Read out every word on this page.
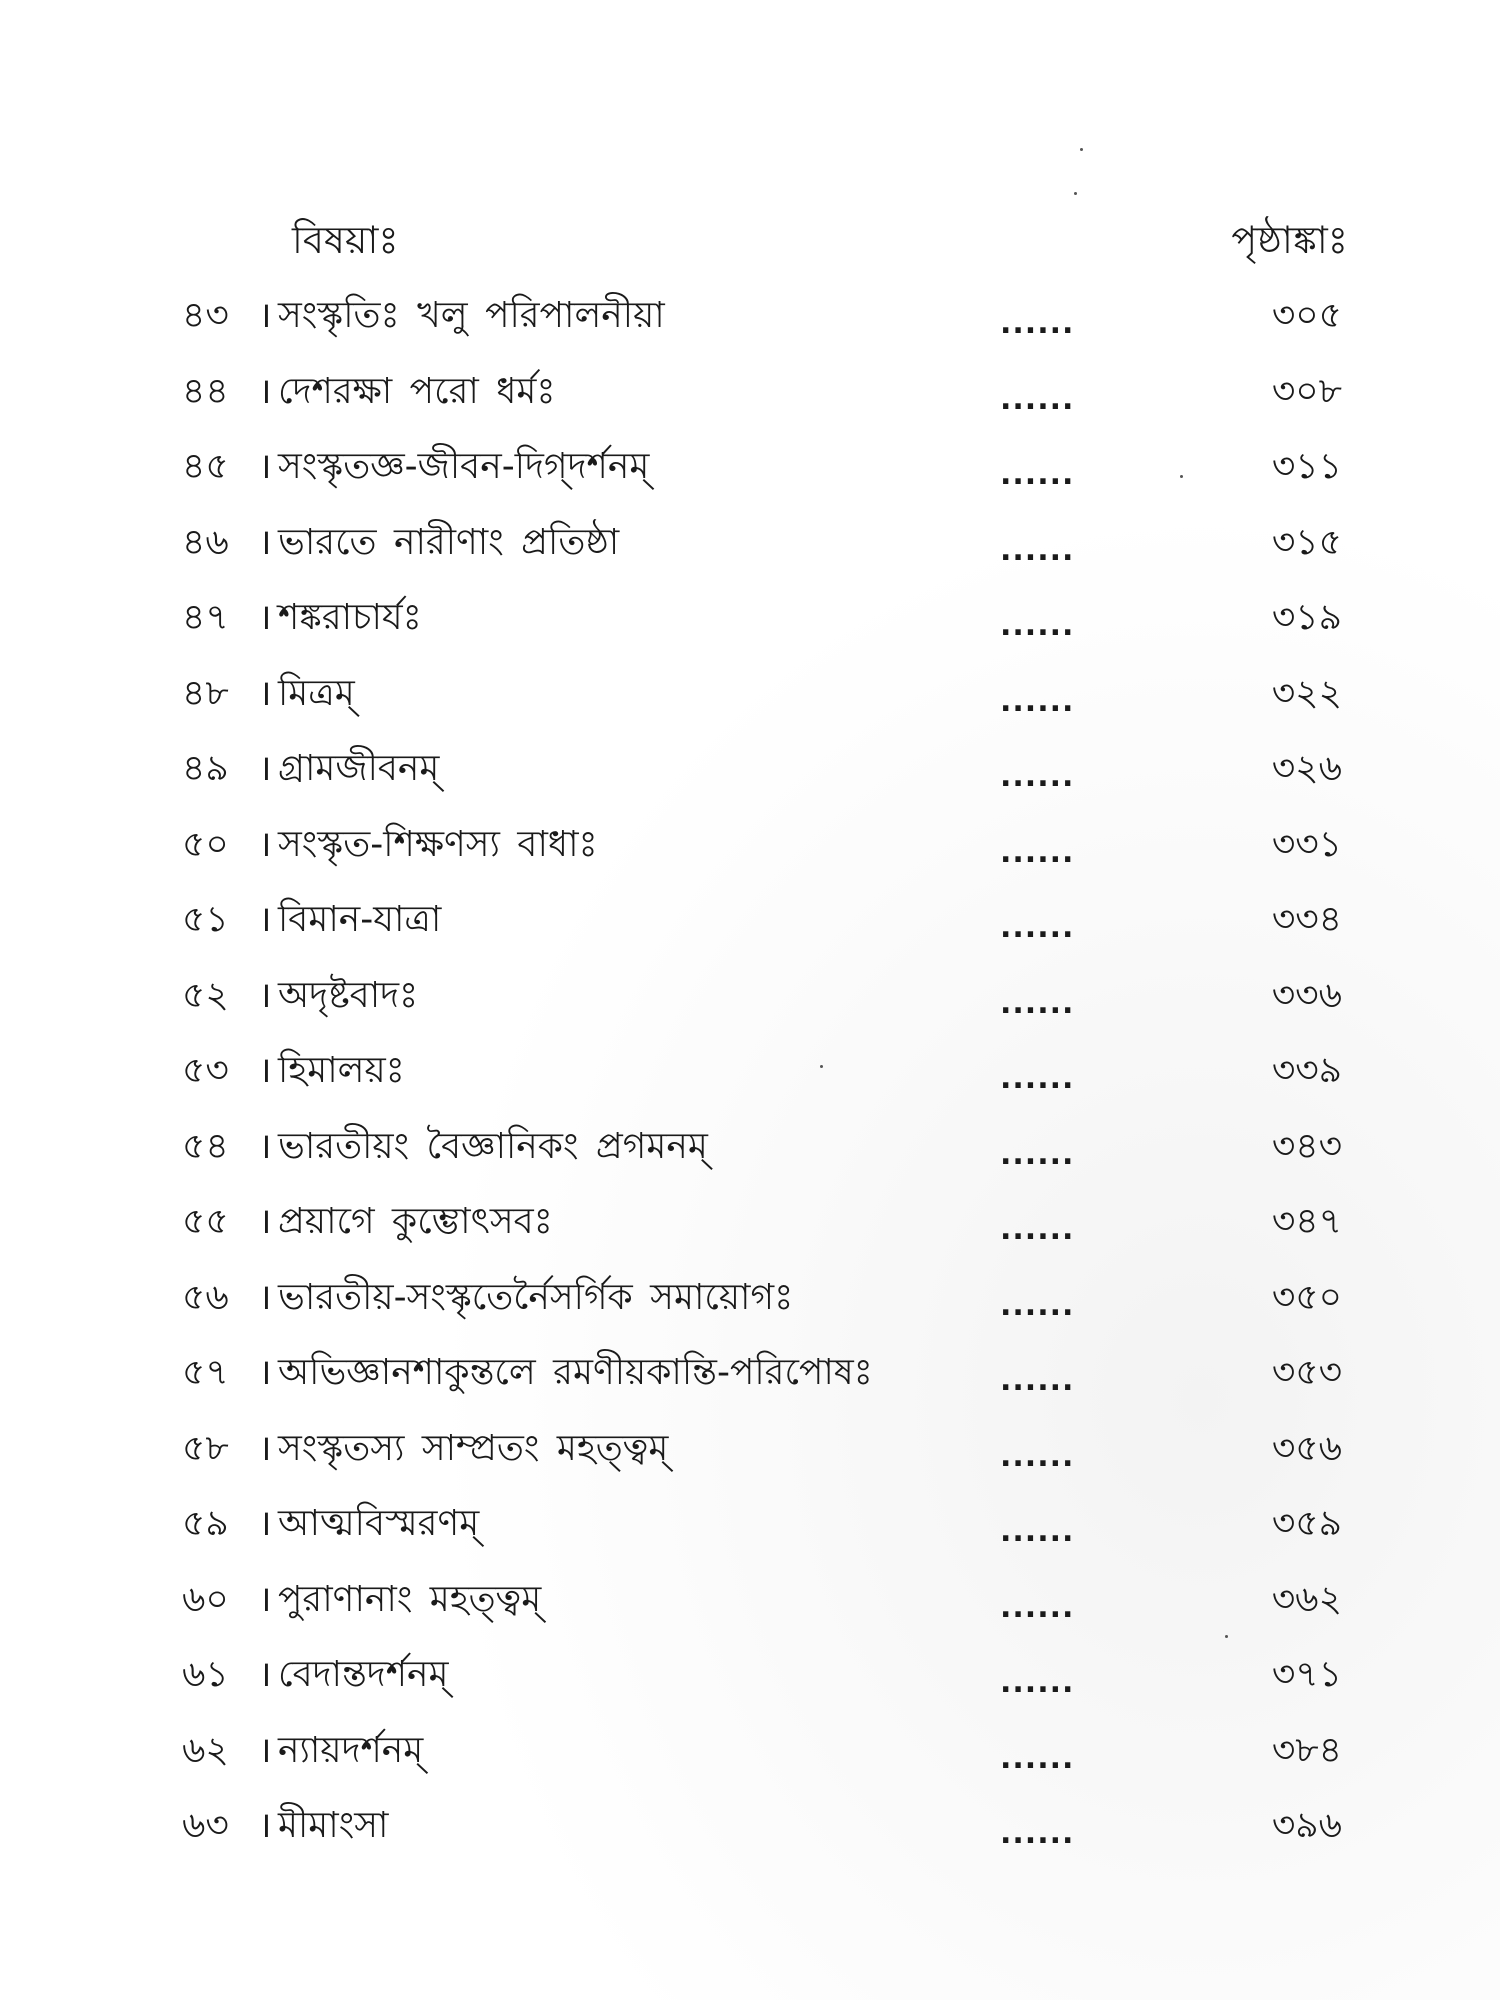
বিষয়াঃ	পৃষ্ঠাঙ্কাঃ
৪৩ । সংস্কৃতিঃ খলু পরিপালনীয়া	......	৩০৫
৪৪ । দেশরক্ষা পরো ধর্মঃ	......	৩০৮
৪৫ । সংস্কৃতজ্ঞ-জীবন-দিগ্‌দর্শনম্‌	......	৩১১
৪৬ । ভারতে নারীণাং প্রতিষ্ঠা	......	৩১৫
৪৭ । শঙ্করাচার্যঃ	......	৩১৯
৪৮ । মিত্রম্‌	......	৩২২
৪৯ । গ্রামজীবনম্‌	......	৩২৬
৫০ । সংস্কৃত-শিক্ষণস্য বাধাঃ	......	৩৩১
৫১ । বিমান-যাত্রা	......	৩৩৪
৫২ । অদৃষ্টবাদঃ	......	৩৩৬
৫৩ । হিমালয়ঃ	......	৩৩৯
৫৪ । ভারতীয়ং বৈজ্ঞানিকং প্রগমনম্‌	......	৩৪৩
৫৫ । প্রয়াগে কুম্ভোৎসবঃ	......	৩৪৭
৫৬ । ভারতীয়-সংস্কৃতের্নৈসর্গিক সমায়োগঃ	......	৩৫০
৫৭ । অভিজ্ঞানশাকুন্তলে রমণীয়কান্তি-পরিপোষঃ	......	৩৫৩
৫৮ । সংস্কৃতস্য সাম্প্রতং মহত্ত্বম্‌	......	৩৫৬
৫৯ । আত্মবিস্মরণম্‌	......	৩৫৯
৬০ । পুরাণানাং মহত্ত্বম্‌	......	৩৬২
৬১ । বেদান্তদর্শনম্‌	......	৩৭১
৬২ । ন্যায়দর্শনম্‌	......	৩৮৪
৬৩ । মীমাংসা	......	৩৯৬
